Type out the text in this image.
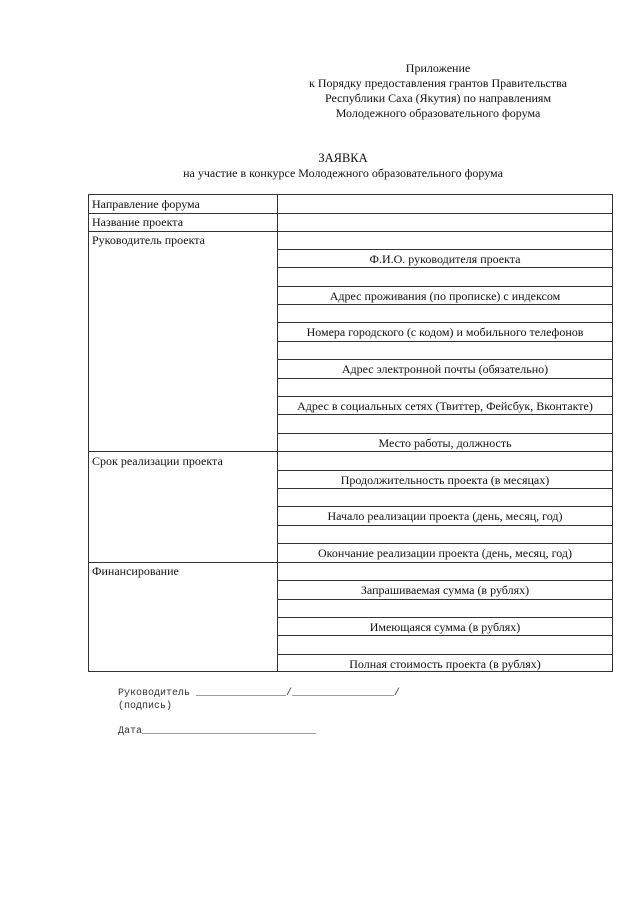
Приложение
к Порядку предоставления грантов Правительства
Республики Саха (Якутия) по направлениям
Молодежного образовательного форума
ЗАЯВКА
на участие в конкурсе Молодежного образовательного форума
Направление форума
Название проекта
Руководитель проекта
Срок реализации проекта
Финансирование
Ф.И.О. руководителя проекта
Адрес проживания (по прописке) с индексом
Номера городского (с кодом) и мобильного телефонов
Адрес электронной почты (обязательно)
Адрес в социальных сетях (Твиттер, Фейсбук, Вконтакте)
Место работы, должность
Продолжительность проекта (в месяцах)
Начало реализации проекта (день, месяц, год)
Окончание реализации проекта (день, месяц, год)
Запрашиваемая сумма (в рублях)
Имеющаяся сумма (в рублях)
Полная стоимость проекта (в рублях)
Руководитель _______________/_________________/
(подпись)
Дата_____________________________
